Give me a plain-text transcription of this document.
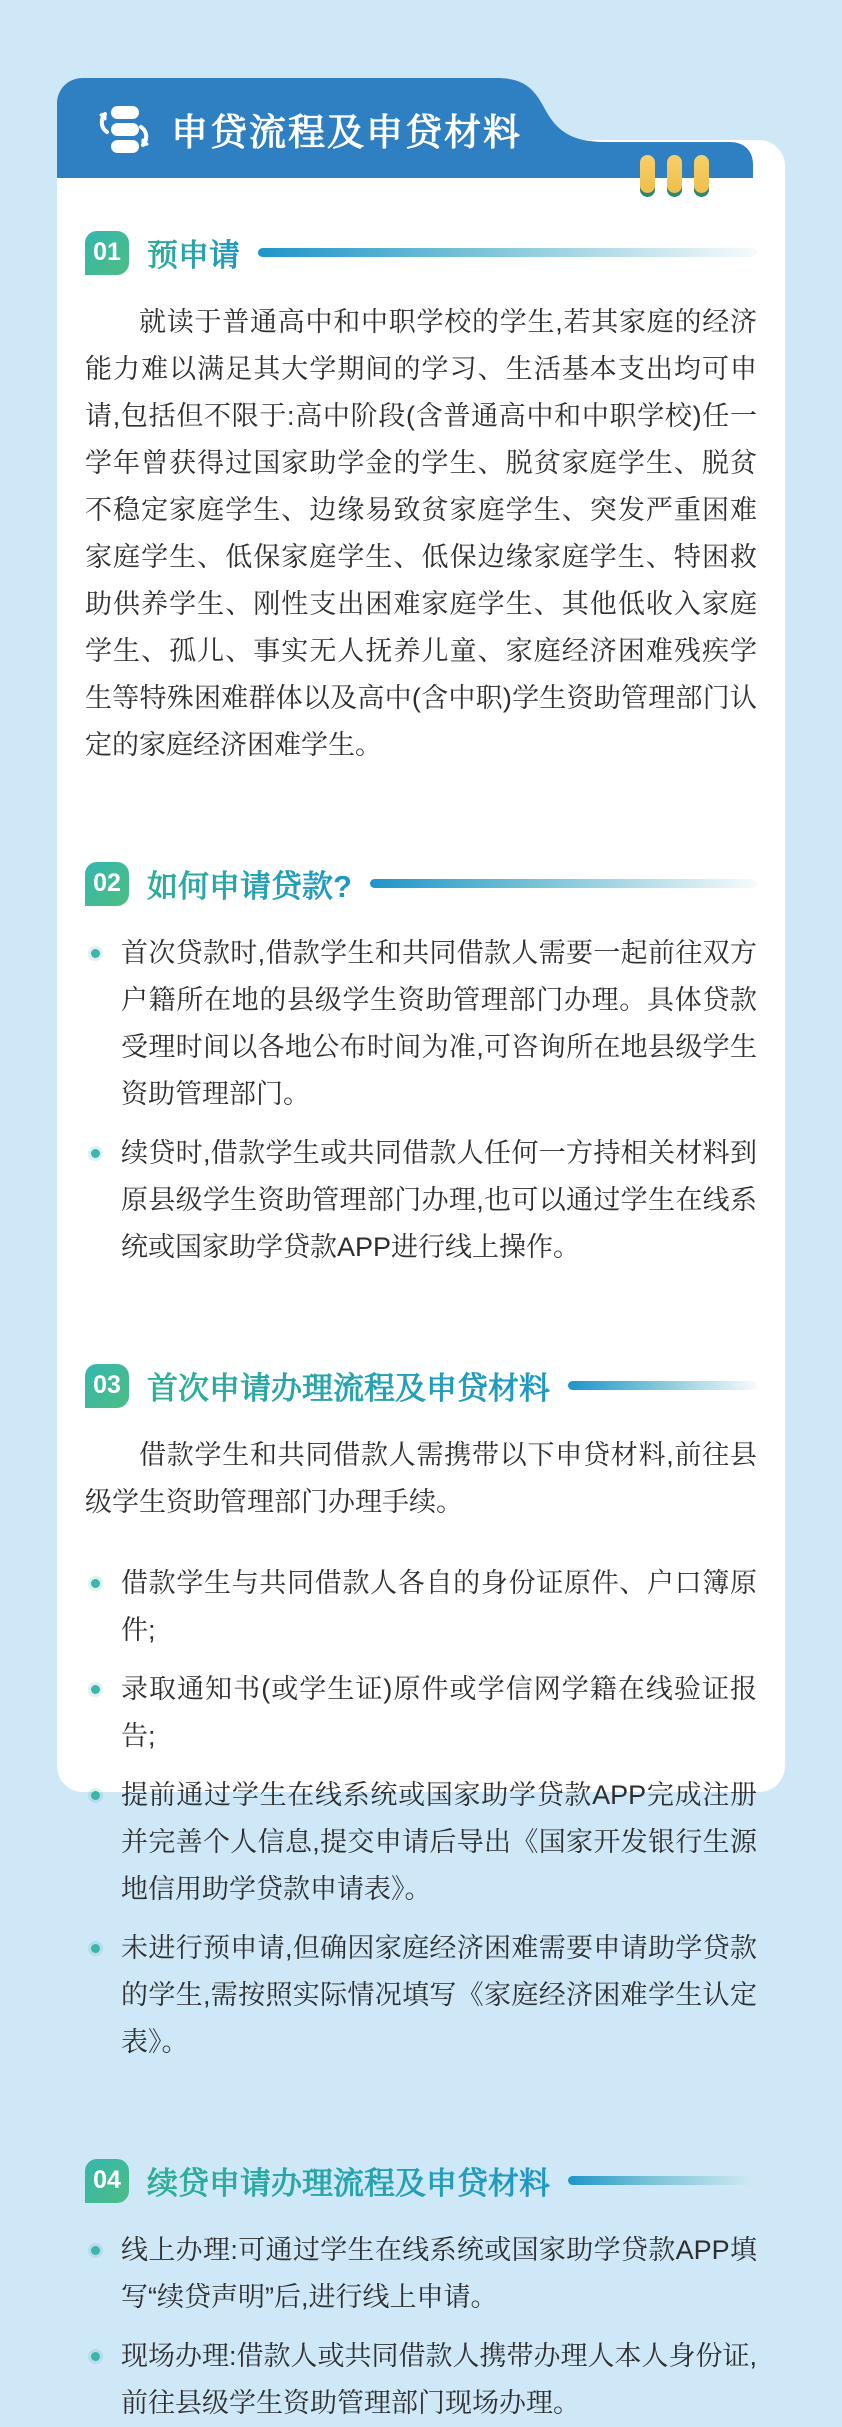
申贷流程及申贷材料
01 预申请

就读于普通高中和中职学校的学生,若其家庭的经济能力难以满足其大学期间的学习、生活基本支出均可申请,包括但不限于:高中阶段(含普通高中和中职学校)任一学年曾获得过国家助学金的学生、脱贫家庭学生、脱贫不稳定家庭学生、边缘易致贫家庭学生、突发严重困难家庭学生、低保家庭学生、低保边缘家庭学生、特困救助供养学生、刚性支出困难家庭学生、其他低收入家庭学生、孤儿、事实无人抚养儿童、家庭经济困难残疾学生等特殊困难群体以及高中(含中职)学生资助管理部门认定的家庭经济困难学生。

02 如何申请贷款?
首次贷款时,借款学生和共同借款人需要一起前往双方户籍所在地的县级学生资助管理部门办理。具体贷款受理时间以各地公布时间为准,可咨询所在地县级学生资助管理部门。
续贷时,借款学生或共同借款人任何一方持相关材料到原县级学生资助管理部门办理,也可以通过学生在线系统或国家助学贷款APP进行线上操作。
03 首次申请办理流程及申贷材料

借款学生和共同借款人需携带以下申贷材料,前往县级学生资助管理部门办理手续。

借款学生与共同借款人各自的身份证原件、户口簿原件;
录取通知书(或学生证)原件或学信网学籍在线验证报告;
提前通过学生在线系统或国家助学贷款APP完成注册并完善个人信息,提交申请后导出《国家开发银行生源地信用助学贷款申请表》。
未进行预申请,但确因家庭经济困难需要申请助学贷款的学生,需按照实际情况填写《家庭经济困难学生认定表》。
04 续贷申请办理流程及申贷材料
线上办理:可通过学生在线系统或国家助学贷款APP填写“续贷声明”后,进行线上申请。
现场办理:借款人或共同借款人携带办理人本人身份证,前往县级学生资助管理部门现场办理。
